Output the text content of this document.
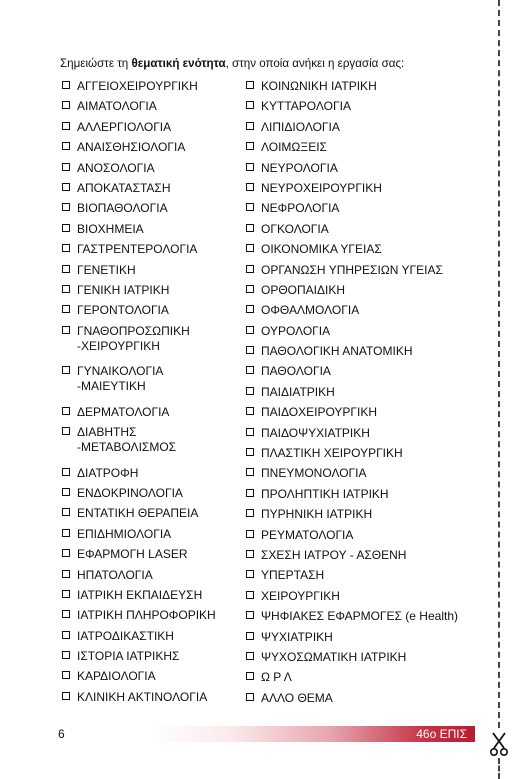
Σημειώστε τη θεματική ενότητα, στην οποία ανήκει η εργασία σας:
ΑΓΓΕΙΟΧΕΙΡΟΥΡΓΙΚΗ
ΑΙΜΑΤΟΛΟΓΙΑ
ΑΛΛΕΡΓΙΟΛΟΓΙΑ
ΑΝΑΙΣΘΗΣΙΟΛΟΓΙΑ
ΑΝΟΣΟΛΟΓΙΑ
ΑΠΟΚΑΤΑΣΤΑΣΗ
ΒΙΟΠΑΘΟΛΟΓΙΑ
ΒΙΟΧΗΜΕΙΑ
ΓΑΣΤΡΕΝΤΕΡΟΛΟΓΙΑ
ΓΕΝΕΤΙΚΗ
ΓΕΝΙΚΗ ΙΑΤΡΙΚΗ
ΓΕΡΟΝΤΟΛΟΓΙΑ
ΓΝΑΘΟΠΡΟΣΩΠΙΚΗ
-ΧΕΙΡΟΥΡΓΙΚΗ
ΓΥΝΑΙΚΟΛΟΓΙΑ
-ΜΑΙΕΥΤΙΚΗ
ΔΕΡΜΑΤΟΛΟΓΙΑ
ΔΙΑΒΗΤΗΣ
-ΜΕΤΑΒΟΛΙΣΜΟΣ
ΔΙΑΤΡΟΦΗ
ΕΝΔΟΚΡΙΝΟΛΟΓΙΑ
ΕΝΤΑΤΙΚΗ ΘΕΡΑΠΕΙΑ
ΕΠΙΔΗΜΙΟΛΟΓΙΑ
ΕΦΑΡΜΟΓΗ LASER
ΗΠΑΤΟΛΟΓΙΑ
ΙΑΤΡΙΚΗ ΕΚΠΑΙΔΕΥΣΗ
ΙΑΤΡΙΚΗ ΠΛΗΡΟΦΟΡΙΚΗ
ΙΑΤΡΟΔΙΚΑΣΤΙΚΗ
ΙΣΤΟΡΙΑ ΙΑΤΡΙΚΗΣ
ΚΑΡΔΙΟΛΟΓΙΑ
ΚΛΙΝΙΚΗ ΑΚΤΙΝΟΛΟΓΙΑ
ΚΟΙΝΩΝΙΚΗ ΙΑΤΡΙΚΗ
ΚΥΤΤΑΡΟΛΟΓΙΑ
ΛΙΠΙΔΙΟΛΟΓΙΑ
ΛΟΙΜΩΞΕΙΣ
ΝΕΥΡΟΛΟΓΙΑ
ΝΕΥΡΟΧΕΙΡΟΥΡΓΙΚΗ
ΝΕΦΡΟΛΟΓΙΑ
ΟΓΚΟΛΟΓΙΑ
ΟΙΚΟΝΟΜΙΚΑ ΥΓΕΙΑΣ
ΟΡΓΑΝΩΣΗ ΥΠΗΡΕΣΙΩΝ ΥΓΕΙΑΣ
ΟΡΘΟΠΑΙΔΙΚΗ
ΟΦΘΑΛΜΟΛΟΓΙΑ
ΟΥΡΟΛΟΓΙΑ
ΠΑΘΟΛΟΓΙΚΗ ΑΝΑΤΟΜΙΚΗ
ΠΑΘΟΛΟΓΙΑ
ΠΑΙΔΙΑΤΡΙΚΗ
ΠΑΙΔΟΧΕΙΡΟΥΡΓΙΚΗ
ΠΑΙΔΟΨΥΧΙΑΤΡΙΚΗ
ΠΛΑΣΤΙΚΗ ΧΕΙΡΟΥΡΓΙΚΗ
ΠΝΕΥΜΟΝΟΛΟΓΙΑ
ΠΡΟΛΗΠΤΙΚΗ ΙΑΤΡΙΚΗ
ΠΥΡΗΝΙΚΗ ΙΑΤΡΙΚΗ
ΡΕΥΜΑΤΟΛΟΓΙΑ
ΣΧΕΣΗ ΙΑΤΡΟΥ - ΑΣΘΕΝΗ
ΥΠΕΡΤΑΣΗ
ΧΕΙΡΟΥΡΓΙΚΗ
ΨΗΦΙΑΚΕΣ ΕΦΑΡΜΟΓΕΣ (e Health)
ΨΥΧΙΑΤΡΙΚΗ
ΨΥΧΟΣΩΜΑΤΙΚΗ ΙΑΤΡΙΚΗ
Ω Ρ Λ
ΑΛΛΟ ΘΕΜΑ
6	46ο ΕΠΙΣ
